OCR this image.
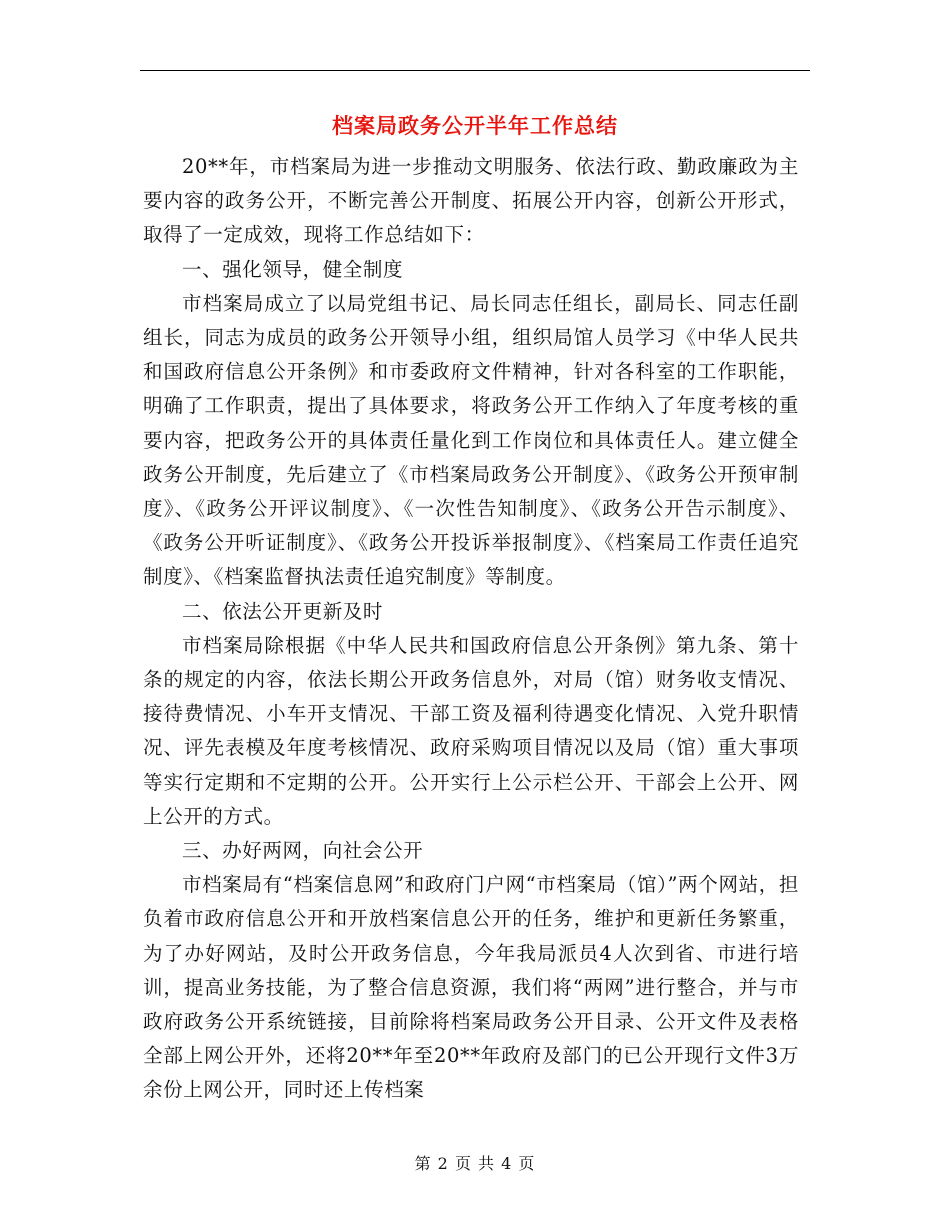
档案局政务公开半年工作总结

20**年，市档案局为进一步推动文明服务、依法行政、勤政廉政为主要内容的政务公开，不断完善公开制度、拓展公开内容，创新公开形式，取得了一定成效，现将工作总结如下：

一、强化领导，健全制度

市档案局成立了以局党组书记、局长同志任组长，副局长、同志任副组长，同志为成员的政务公开领导小组，组织局馆人员学习《中华人民共和国政府信息公开条例》和市委政府文件精神，针对各科室的工作职能，明确了工作职责，提出了具体要求，将政务公开工作纳入了年度考核的重要内容，把政务公开的具体责任量化到工作岗位和具体责任人。建立健全政务公开制度，先后建立了《市档案局政务公开制度》、《政务公开预审制度》、《政务公开评议制度》、《一次性告知制度》、《政务公开告示制度》、《政务公开听证制度》、《政务公开投诉举报制度》、《档案局工作责任追究制度》、《档案监督执法责任追究制度》等制度。

二、依法公开更新及时

市档案局除根据《中华人民共和国政府信息公开条例》第九条、第十条的规定的内容，依法长期公开政务信息外，对局（馆）财务收支情况、接待费情况、小车开支情况、干部工资及福利待遇变化情况、入党升职情况、评先表模及年度考核情况、政府采购项目情况以及局（馆）重大事项等实行定期和不定期的公开。公开实行上公示栏公开、干部会上公开、网上公开的方式。

三、办好两网，向社会公开

市档案局有“档案信息网”和政府门户网“市档案局（馆）”两个网站，担负着市政府信息公开和开放档案信息公开的任务，维护和更新任务繁重，为了办好网站，及时公开政务信息，今年我局派员4人次到省、市进行培训，提高业务技能，为了整合信息资源，我们将“两网”进行整合，并与市政府政务公开系统链接，目前除将档案局政务公开目录、公开文件及表格全部上网公开外，还将20**年至20**年政府及部门的已公开现行文件3万余份上网公开，同时还上传档案

第 2 页 共 4 页
